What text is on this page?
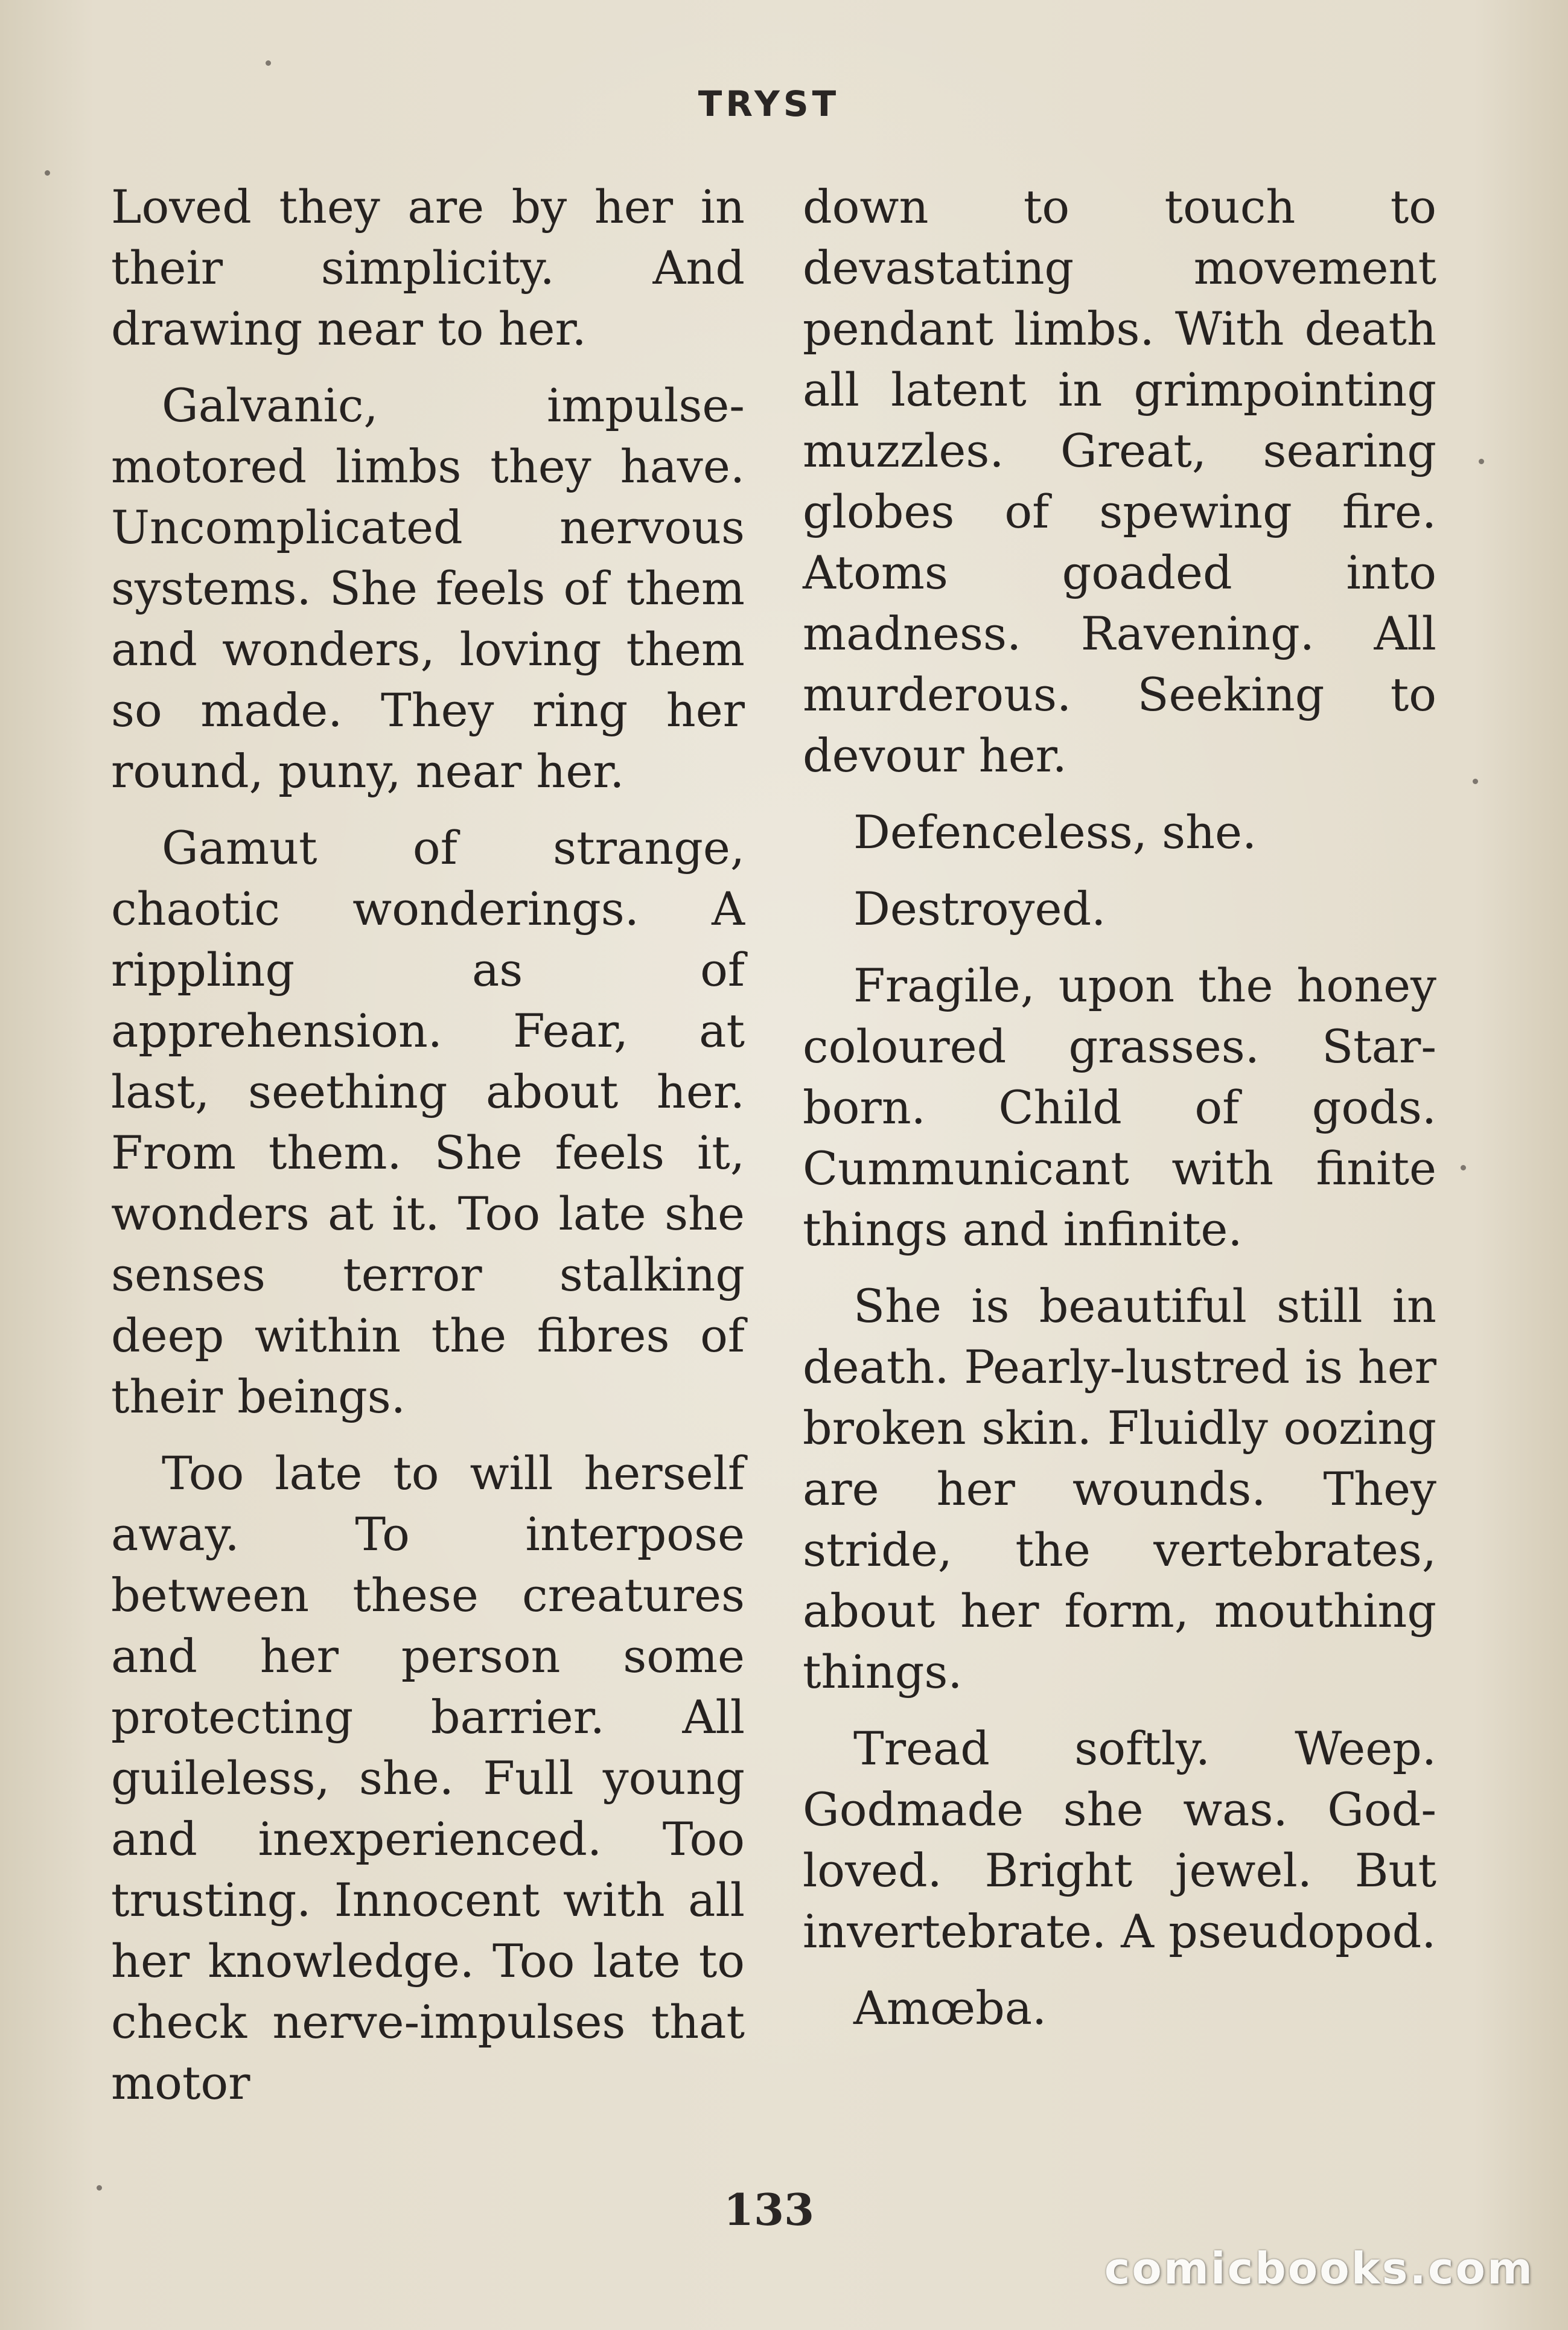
TRYST

Loved they are by her in their simplicity. And drawing near to her.

Galvanic, impulse-motored limbs they have. Uncomplicated nervous systems. She feels of them and wonders, loving them so made. They ring her round, puny, near her.

Gamut of strange, chaotic wonderings. A rippling as of apprehension. Fear, at last, seething about her. From them. She feels it, wonders at it. Too late she senses terror stalking deep within the fibres of their beings.

Too late to will herself away. To interpose between these creatures and her person some protecting barrier. All guileless, she. Full young and inexperienced. Too trusting. Innocent with all her knowledge. Too late to check nerve-impulses that motor

down to touch to devastating movement pendant limbs. With death all latent in grimpointing muzzles. Great, searing globes of spewing fire. Atoms goaded into madness. Ravening. All murderous. Seeking to devour her.

Defenceless, she.

Destroyed.

Fragile, upon the honey coloured grasses. Star-born. Child of gods. Cummunicant with finite things and infinite.

She is beautiful still in death. Pearly-lustred is her broken skin. Fluidly oozing are her wounds. They stride, the vertebrates, about her form, mouthing things.

Tread softly. Weep. Godmade she was. God-loved. Bright jewel. But invertebrate. A pseudopod.

Amœba.

133
comicbooks.com
